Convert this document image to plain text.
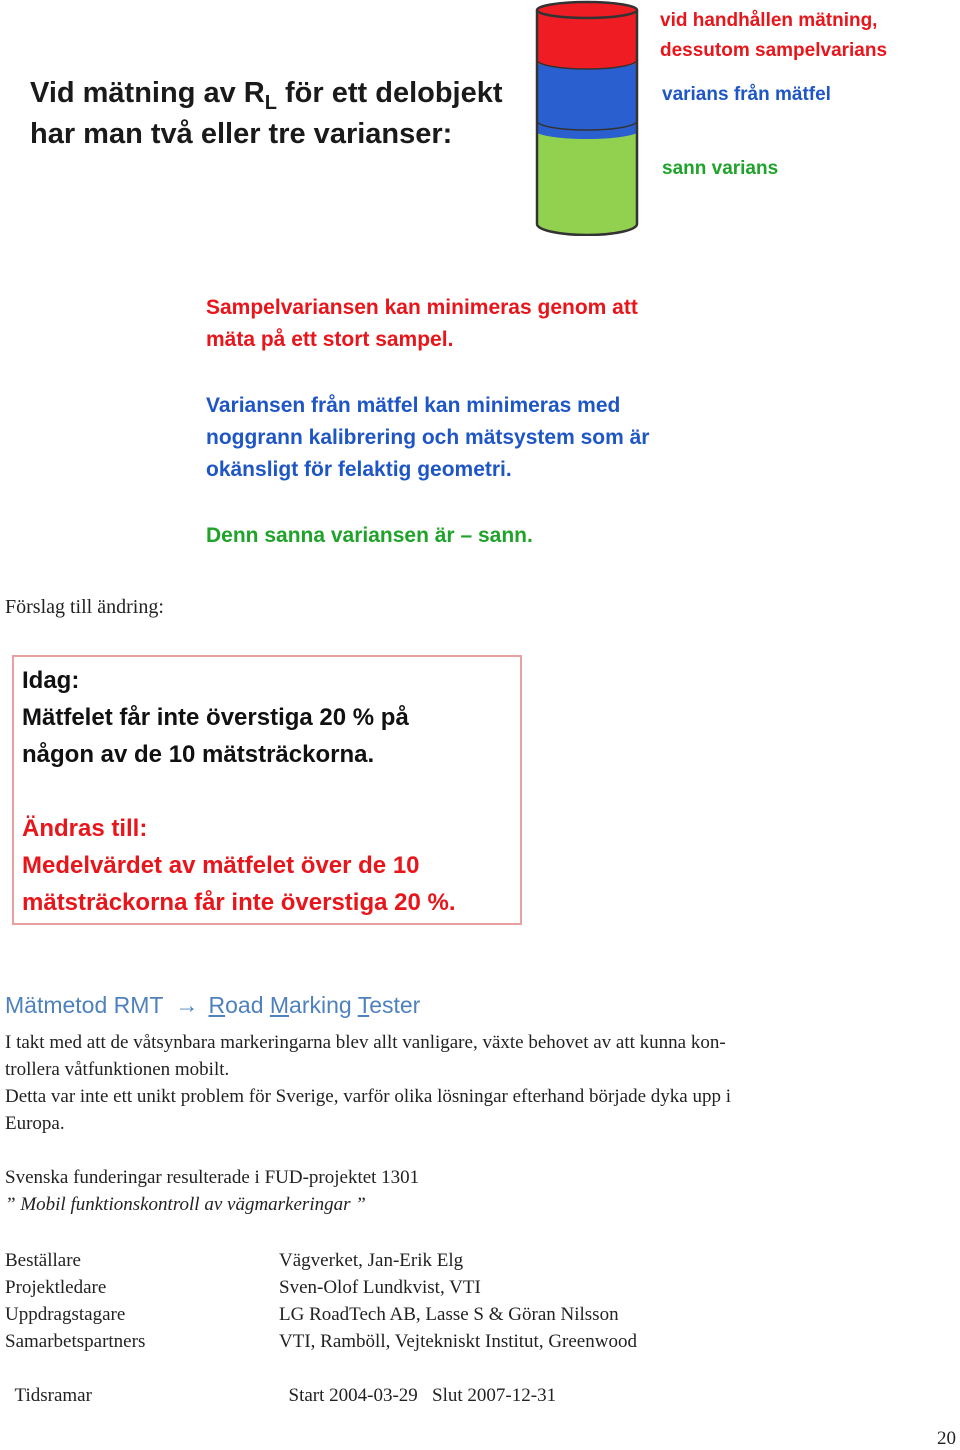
Vid mätning av $R_L$ för ett delobjekt
har man två eller tre varianser:
vid handhållen mätning,
dessutom sampelvarians
varians från mätfel
sann varians
Sampelvariansen kan minimeras genom att
mäta på ett stort sampel.
Variansen från mätfel kan minimeras med
noggrann kalibrering och mätsystem som är
okänsligt för felaktig geometri.
Denn sanna variansen är – sann.
Förslag till ändring:
Idag:
Mätfelet får inte överstiga 20 % på
någon av de 10 mätsträckorna.
Ändras till:
Medelvärdet av mätfelet över de 10
mätsträckorna får inte överstiga 20 %.
Mätmetod RMT → Road Marking Tester
I takt med att de våtsynbara markeringarna blev allt vanligare, växte behovet av att kunna kon-
trollera våtfunktionen mobilt.
Detta var inte ett unikt problem för Sverige, varför olika lösningar efterhand började dyka upp i
Europa.
Svenska funderingar resulterade i FUD-projektet 1301
” Mobil funktionskontroll av vägmarkeringar ”
Beställare	Vägverket, Jan-Erik Elg
Projektledare	Sven-Olof Lundkvist, VTI
Uppdragstagare	LG RoadTech AB, Lasse S & Göran Nilsson
Samarbetspartners	VTI, Ramböll, Vejtekniskt Institut, Greenwood

Tidsramar	Start 2004-03-29   Slut 2007-12-31

20
